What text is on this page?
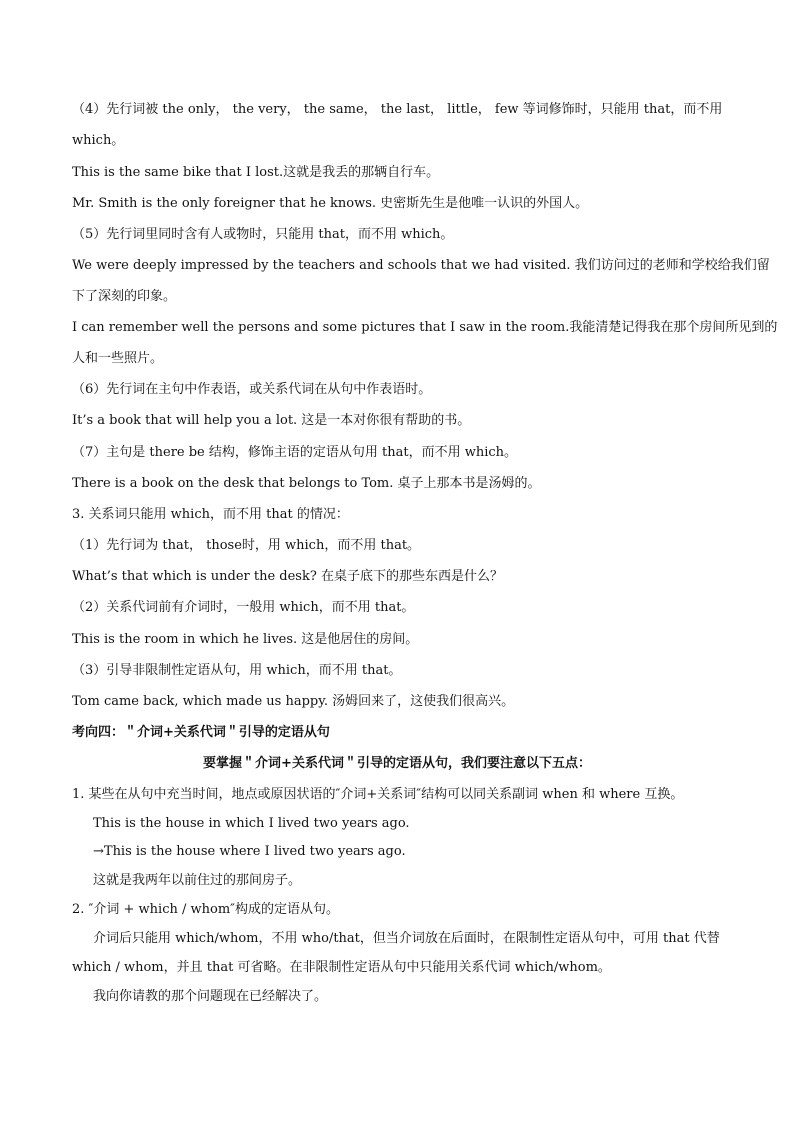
（4）先行词被 the only， the very， the same， the last， little， few 等词修饰时，只能用 that，而不用
which。
This is the same bike that I lost.这就是我丢的那辆自行车。
Mr. Smith is the only foreigner that he knows. 史密斯先生是他唯一认识的外国人。
（5）先行词里同时含有人或物时，只能用 that，而不用 which。
We were deeply impressed by the teachers and schools that we had visited. 我们访问过的老师和学校给我们留
下了深刻的印象。
I can remember well the persons and some pictures that I saw in the room.我能清楚记得我在那个房间所见到的
人和一些照片。
（6）先行词在主句中作表语，或关系代词在从句中作表语时。
It’s a book that will help you a lot. 这是一本对你很有帮助的书。
（7）主句是 there be 结构，修饰主语的定语从句用 that，而不用 which。
There is a book on the desk that belongs to Tom. 桌子上那本书是汤姆的。
3. 关系词只能用 which，而不用 that 的情况：
（1）先行词为 that， those时，用 which，而不用 that。
What’s that which is under the desk? 在桌子底下的那些东西是什么？
（2）关系代词前有介词时，一般用 which，而不用 that。
This is the room in which he lives. 这是他居住的房间。
（3）引导非限制性定语从句，用 which，而不用 that。
Tom came back, which made us happy. 汤姆回来了，这使我们很高兴。
考向四：＂介词+关系代词＂引导的定语从句
要掌握＂介词+关系代词＂引导的定语从句，我们要注意以下五点：
1. 某些在从句中充当时间，地点或原因状语的″介词+关系词″结构可以同关系副词 when 和 where 互换。
This is the house in which I lived two years ago.
→This is the house where I lived two years ago.
这就是我两年以前住过的那间房子。
2. ″介词 + which / whom″构成的定语从句。
介词后只能用 which/whom，不用 who/that，但当介词放在后面时，在限制性定语从句中，可用 that 代替
which / whom，并且 that 可省略。在非限制性定语从句中只能用关系代词 which/whom。
我向你请教的那个问题现在已经解决了。
